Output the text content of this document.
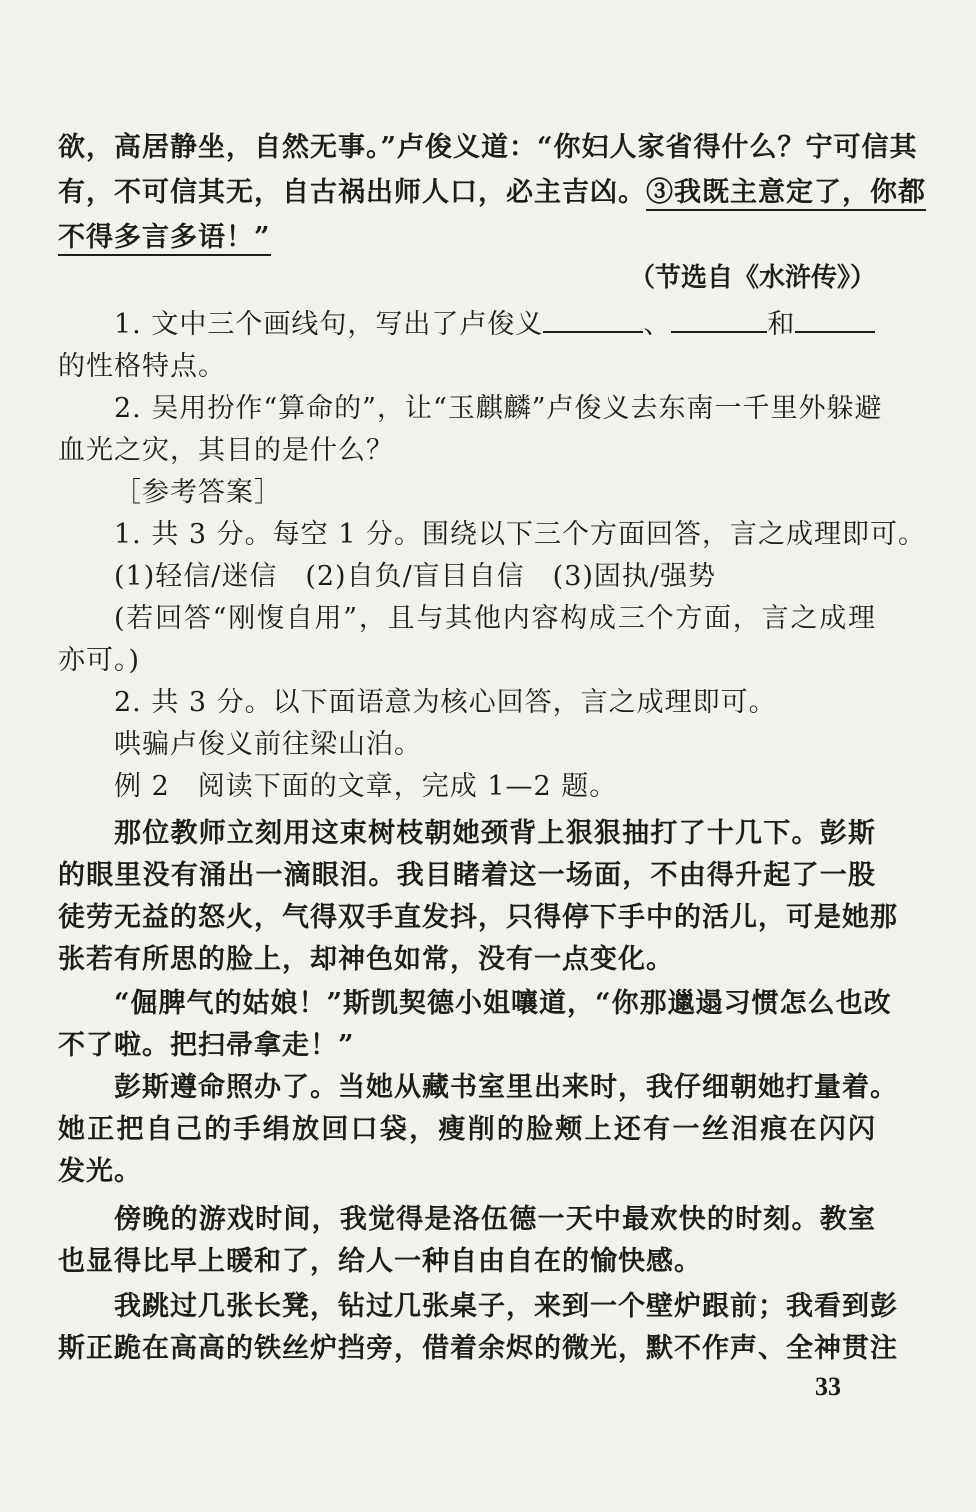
欲，高居静坐，自然无事。”卢俊义道：“你妇人家省得什么？宁可信其
有，不可信其无，自古祸出师人口，必主吉凶。③我既主意定了，你都
不得多言多语！”
（节选自《水浒传》）
1. 文中三个画线句，写出了卢俊义	、	和
的性格特点。
2. 吴用扮作“算命的”，让“玉麒麟”卢俊义去东南一千里外躲避
血光之灾，其目的是什么？
［参考答案］
1. 共 3 分。每空 1 分。围绕以下三个方面回答，言之成理即可。
(1)轻信/迷信　(2)自负/盲目自信　(3)固执/强势
(若回答“刚愎自用”，且与其他内容构成三个方面，言之成理
亦可。)
2. 共 3 分。以下面语意为核心回答，言之成理即可。
哄骗卢俊义前往梁山泊。
例 2　阅读下面的文章，完成 1—2 题。
那位教师立刻用这束树枝朝她颈背上狠狠抽打了十几下。彭斯
的眼里没有涌出一滴眼泪。我目睹着这一场面，不由得升起了一股
徒劳无益的怒火，气得双手直发抖，只得停下手中的活儿，可是她那
张若有所思的脸上，却神色如常，没有一点变化。
“倔脾气的姑娘！”斯凯契德小姐嚷道，“你那邋遢习惯怎么也改
不了啦。把扫帚拿走！”
彭斯遵命照办了。当她从藏书室里出来时，我仔细朝她打量着。
她正把自己的手绢放回口袋，瘦削的脸颊上还有一丝泪痕在闪闪
发光。
傍晚的游戏时间，我觉得是洛伍德一天中最欢快的时刻。教室
也显得比早上暖和了，给人一种自由自在的愉快感。
我跳过几张长凳，钻过几张桌子，来到一个壁炉跟前；我看到彭
斯正跪在高高的铁丝炉挡旁，借着余烬的微光，默不作声、全神贯注
33
